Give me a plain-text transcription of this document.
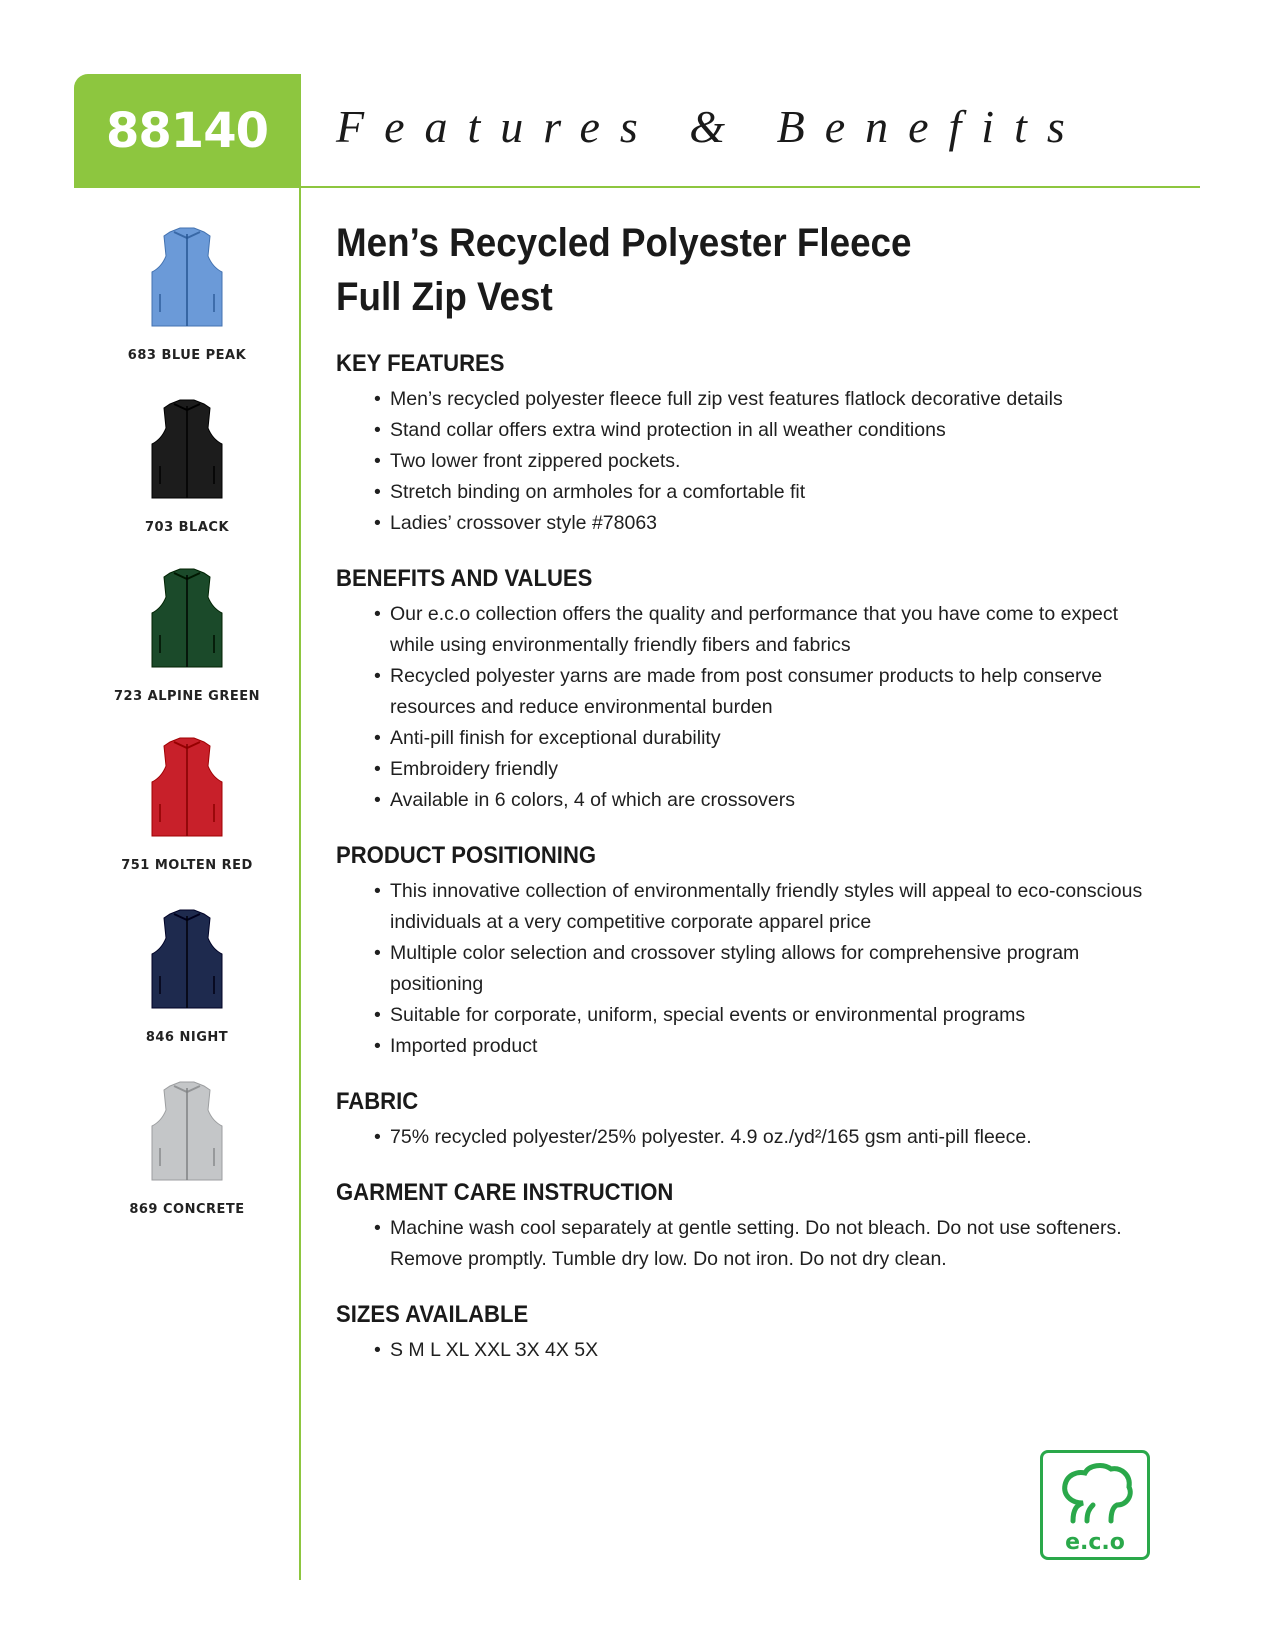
88140 Features & Benefits
683 BLUE PEAK
703 BLACK
723 ALPINE GREEN
751 MOLTEN RED
846 NIGHT
869 CONCRETE
Men’s Recycled Polyester Fleece
Full Zip Vest
KEY FEATURES
• Men’s recycled polyester fleece full zip vest features flatlock decorative details
• Stand collar offers extra wind protection in all weather conditions
• Two lower front zippered pockets.
• Stretch binding on armholes for a comfortable fit
• Ladies’ crossover style #78063
BENEFITS AND VALUES
• Our e.c.o collection offers the quality and performance that you have come to expect while using environmentally friendly fibers and fabrics
• Recycled polyester yarns are made from post consumer products to help conserve resources and reduce environmental burden
• Anti-pill finish for exceptional durability
• Embroidery friendly
• Available in 6 colors, 4 of which are crossovers
PRODUCT POSITIONING
• This innovative collection of environmentally friendly styles will appeal to eco-conscious individuals at a very competitive corporate apparel price
• Multiple color selection and crossover styling allows for comprehensive program positioning
• Suitable for corporate, uniform, special events or environmental programs
• Imported product
FABRIC
• 75% recycled polyester/25% polyester. 4.9 oz./yd²/165 gsm anti-pill fleece.
GARMENT CARE INSTRUCTION
• Machine wash cool separately at gentle setting. Do not bleach. Do not use softeners. Remove promptly. Tumble dry low. Do not iron. Do not dry clean.
SIZES AVAILABLE
• S M L XL XXL 3X 4X 5X
e.c.o
